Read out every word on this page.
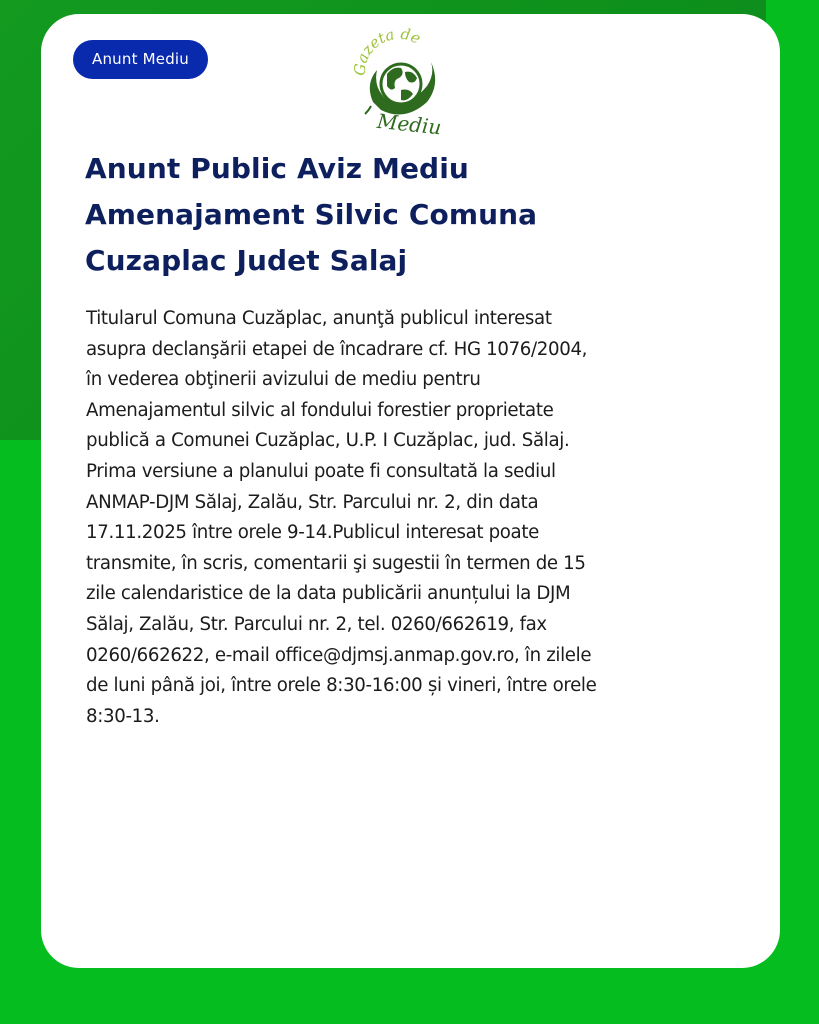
Anunt Mediu
Gazeta de
Mediu
Anunt Public Aviz Mediu
Amenajament Silvic Comuna
Cuzaplac Judet Salaj
Titularul Comuna Cuzăplac, anunţă publicul interesat
asupra declanşării etapei de încadrare cf. HG 1076/2004,
în vederea obţinerii avizului de mediu pentru
Amenajamentul silvic al fondului forestier proprietate
publică a Comunei Cuzăplac, U.P. I Cuzăplac, jud. Sălaj.
Prima versiune a planului poate fi consultată la sediul
ANMAP-DJM Sălaj, Zalău, Str. Parcului nr. 2, din data
17.11.2025 între orele 9-14.Publicul interesat poate
transmite, în scris, comentarii şi sugestii în termen de 15
zile calendaristice de la data publicării anunțului la DJM
Sălaj, Zalău, Str. Parcului nr. 2, tel. 0260/662619, fax
0260/662622, e-mail office@djmsj.anmap.gov.ro, în zilele
de luni până joi, între orele 8:30-16:00 și vineri, între orele
8:30-13.
